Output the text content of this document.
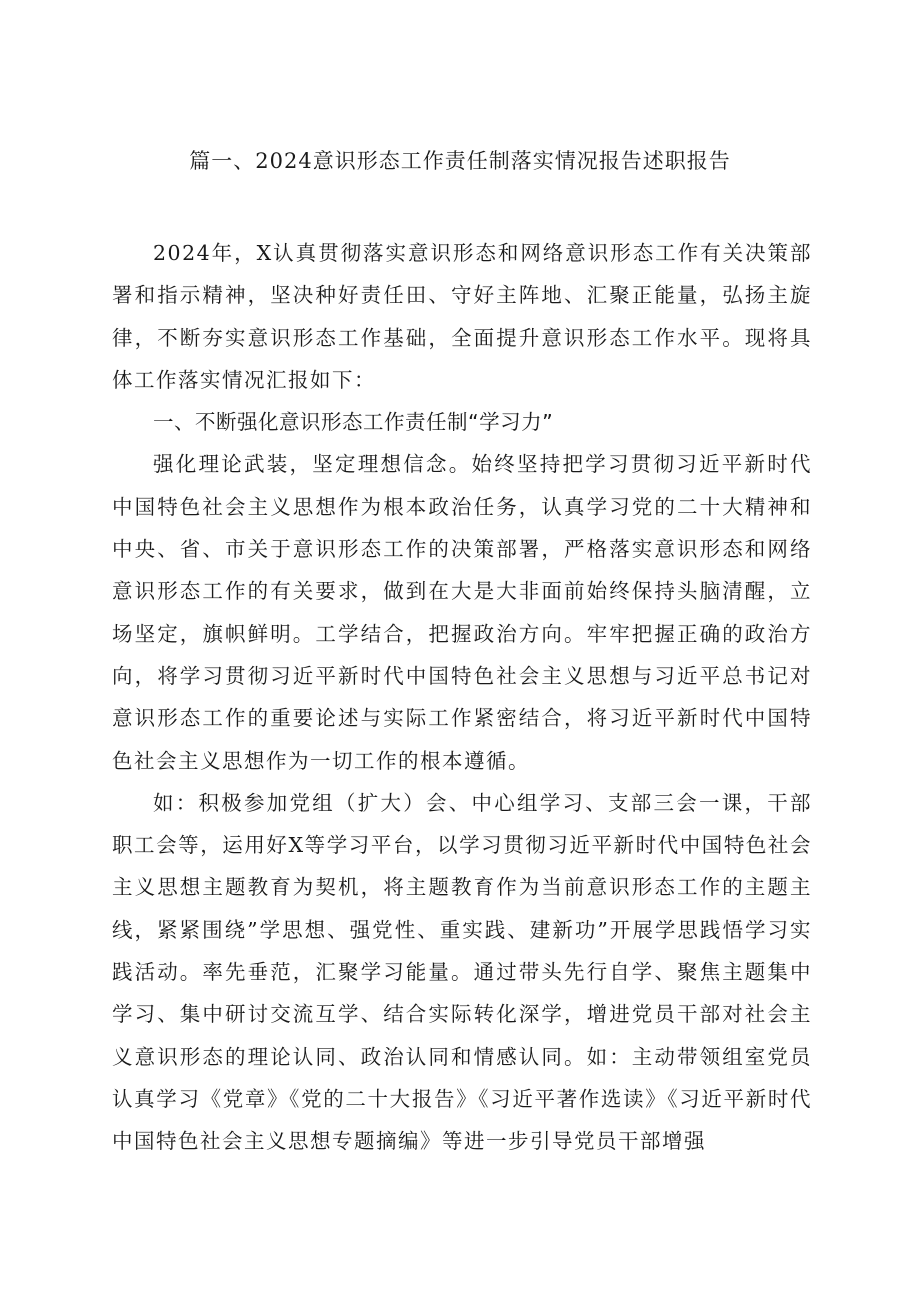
篇一、2024意识形态工作责任制落实情况报告述职报告

2024年，X认真贯彻落实意识形态和网络意识形态工作有关决策部署和指示精神，坚决种好责任田、守好主阵地、汇聚正能量，弘扬主旋律，不断夯实意识形态工作基础，全面提升意识形态工作水平。现将具体工作落实情况汇报如下：

一、不断强化意识形态工作责任制“学习力”

强化理论武装，坚定理想信念。始终坚持把学习贯彻习近平新时代中国特色社会主义思想作为根本政治任务，认真学习党的二十大精神和中央、省、市关于意识形态工作的决策部署，严格落实意识形态和网络意识形态工作的有关要求，做到在大是大非面前始终保持头脑清醒，立场坚定，旗帜鲜明。工学结合，把握政治方向。牢牢把握正确的政治方向，将学习贯彻习近平新时代中国特色社会主义思想与习近平总书记对意识形态工作的重要论述与实际工作紧密结合，将习近平新时代中国特色社会主义思想作为一切工作的根本遵循。

如：积极参加党组（扩大）会、中心组学习、支部三会一课，干部职工会等，运用好X等学习平台，以学习贯彻习近平新时代中国特色社会主义思想主题教育为契机，将主题教育作为当前意识形态工作的主题主线，紧紧围绕”学思想、强党性、重实践、建新功”开展学思践悟学习实践活动。率先垂范，汇聚学习能量。通过带头先行自学、聚焦主题集中学习、集中研讨交流互学、结合实际转化深学，增进党员干部对社会主义意识形态的理论认同、政治认同和情感认同。如：主动带领组室党员认真学习《党章》《党的二十大报告》《习近平著作选读》《习近平新时代中国特色社会主义思想专题摘编》等进一步引导党员干部增强
